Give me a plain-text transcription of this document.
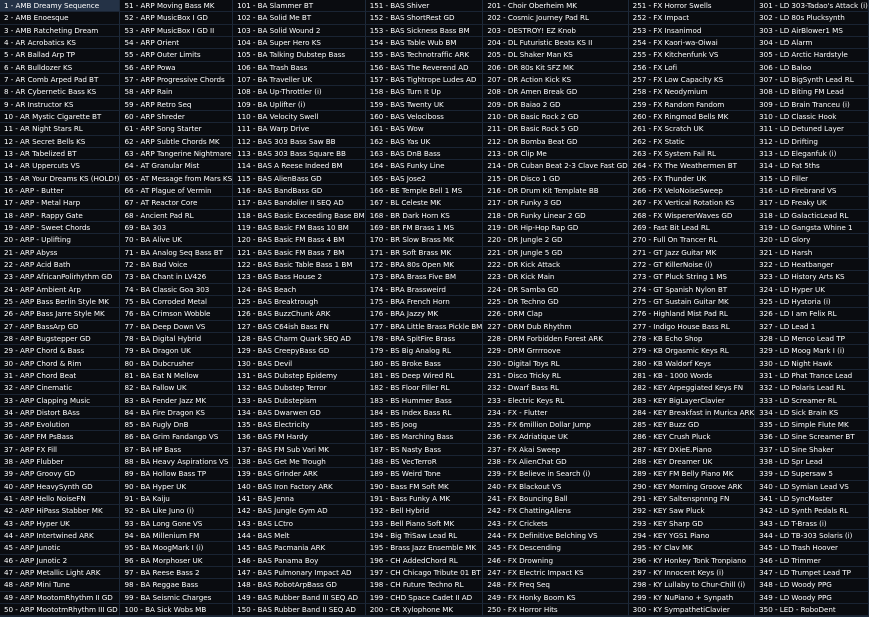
1 - AMB Dreamy Sequence
2 - AMB Enoesque
3 - AMB Ratcheting Dream
4 - AR Acrobatics KS
5 - AR Ballad Arp TP
6 - AR Bulldozer KS
7 - AR Comb Arped Pad BT
8 - AR Cybernetic Bass KS
9 - AR Instructor KS
10 - AR Mystic Cigarette BT
11 - AR Night Stars RL
12 - AR Secret Bells KS
13 - AR Tabelized BT
14 - AR Uppercuts VS
15 - AR Your Dreams KS (HOLD!)
16 - ARP - Butter
17 - ARP - Metal Harp
18 - ARP - Rappy Gate
19 - ARP - Sweet Chords
20 - ARP - Uplifting
21 - ARP Abyss
22 - ARP Acid Bath
23 - ARP AfricanPolirhythm GD
24 - ARP Ambient Arp
25 - ARP Bass Berlin Style MK
26 - ARP Bass Jarre Style MK
27 - ARP BassArp GD
28 - ARP Bugstepper GD
29 - ARP Chord & Bass
30 - ARP Chord & Rim
31 - ARP Chord Beat
32 - ARP Cinematic
33 - ARP Clapping Music
34 - ARP Distort BAss
35 - ARP Evolution
36 - ARP FM PsBass
37 - ARP FX Fill
38 - ARP Flubber
39 - ARP Groovy GD
40 - ARP HeavySynth GD
41 - ARP Hello NoiseFN
42 - ARP HiPass Stabber MK
43 - ARP Hyper UK
44 - ARP Intertwined ARK
45 - ARP Junotic
46 - ARP Junotic 2
47 - ARP Metallic Light ARK
48 - ARP Mini Tune
49 - ARP MootomRhythm II GD
50 - ARP MoototmRhythm III GD
51 - ARP Moving Bass MK
52 - ARP MusicBox I GD
53 - ARP MusicBox I GD II
54 - ARP Orient
55 - ARP Outer Limits
56 - ARP Powa
57 - ARP Progressive Chords
58 - ARP Rain
59 - ARP Retro Seq
60 - ARP Shreder
61 - ARP Song Starter
62 - ARP Subtle Chords MK
63 - ARP Tangerine Nightmare
64 - AT Granular Mist
65 - AT Message from Mars KS
66 - AT Plague of Vermin
67 - AT Reactor Core
68 - Ancient Pad RL
69 - BA 303
70 - BA Alive UK
71 - BA Analog Seq Bass BT
72 - BA Bad Voice
73 - BA Chant in LV426
74 - BA Classic Goa 303
75 - BA Corroded Metal
76 - BA Crimson Wobble
77 - BA Deep Down VS
78 - BA Digital Hybrid
79 - BA Dragon UK
80 - BA Dubcrusher
81 - BA Eat N Mellow
82 - BA Fallow UK
83 - BA Fender Jazz MK
84 - BA Fire Dragon KS
85 - BA Fugly DnB
86 - BA Grim Fandango VS
87 - BA HP Bass
88 - BA Heavy Aspirations VS
89 - BA Hollow Bass TP
90 - BA Hyper UK
91 - BA Kaiju
92 - BA Like Juno (i)
93 - BA Long Gone VS
94 - BA Millenium FM
95 - BA MoogMark I (i)
96 - BA Morphoser UK
97 - BA Reese Bass 2
98 - BA Reggae Bass
99 - BA Seismic Charges
100 - BA Sick Wobs MB
101 - BA Slammer BT
102 - BA Solid Me BT
103 - BA Solid Wound 2
104 - BA Super Hero KS
105 - BA Talking Dubstep Bass
106 - BA Trash Bass
107 - BA Traveller UK
108 - BA Up-Throttler (i)
109 - BA Uplifter (i)
110 - BA Velocity Swell
111 - BA Warp Drive
112 - BAS 303 Bass Saw BB
113 - BAS 303 Bass Square BB
114 - BAS A Reese Indeed BM
115 - BAS AlienBass GD
116 - BAS BandBass GD
117 - BAS Bandolier II SEQ AD
118 - BAS Basic Exceeding Base BM
119 - BAS Basic FM Bass 10 BM
120 - BAS Basic FM Bass 4 BM
121 - BAS Basic FM Bass 7 BM
122 - BAS Basic Table Bass 1 BM
123 - BAS Bass House 2
124 - BAS Beach
125 - BAS Breaktrough
126 - BAS BuzzChunk ARK
127 - BAS C64ish Bass FN
128 - BAS Charm Quark SEQ AD
129 - BAS CreepyBass GD
130 - BAS Devil
131 - BAS Dubstep Epidemy
132 - BAS Dubstep Terror
133 - BAS Dubstepism
134 - BAS Dwarwen GD
135 - BAS Electricity
136 - BAS FM Hardy
137 - BAS FM Sub Vari MK
138 - BAS Get Me Trough
139 - BAS Grinder ARK
140 - BAS Iron Factory ARK
141 - BAS Jenna
142 - BAS Jungle Gym AD
143 - BAS LCtro
144 - BAS Melt
145 - BAS Pacmania ARK
146 - BAS Panama Boy
147 - BAS Pulmonary Impact AD
148 - BAS RobotArpBass GD
149 - BAS Rubber Band III SEQ AD
150 - BAS Rubber Band II SEQ AD
151 - BAS Shiver
152 - BAS ShortRest GD
153 - BAS Sickness Bass BM
154 - BAS Table Wub BM
155 - BAS Technotraffic ARK
156 - BAS The Reverend AD
157 - BAS Tightrope Ludes AD
158 - BAS Turn It Up
159 - BAS Twenty UK
160 - BAS Velociboss
161 - BAS Wow
162 - BAS Yas UK
163 - BAS DnB Bass
164 - BAS Funky Line
165 - BAS Jose2
166 - BE Temple Bell 1 MS
167 - BL Celeste MK
168 - BR Dark Horn KS
169 - BR FM Brass 1 MS
170 - BR Slow Brass MK
171 - BR Soft Brass MK
172 - BRA 80s Open MK
173 - BRA Brass Five BM
174 - BRA Brassweird
175 - BRA French Horn
176 - BRA Jazzy MK
177 - BRA Little Brass Pickle BM
178 - BRA SpitFire Brass
179 - BS Big Analog RL
180 - BS Broke Bass
181 - BS Deep Wired RL
182 - BS Floor Filler RL
183 - BS Hummer Bass
184 - BS Index Bass RL
185 - BS Joog
186 - BS Marching Bass
187 - BS Nasty Bass
188 - BS VecTerroR
189 - BS Weird Tone
190 - Bass FM Soft MK
191 - Bass Funky A MK
192 - Bell Hybrid
193 - Bell Piano Soft MK
194 - Big TriSaw Lead RL
195 - Brass Jazz Ensemble MK
196 - CH AddedChord RL
197 - CH Chicago Tribute 01 BT
198 - CH Future Techno RL
199 - CHD Space Cadet II AD
200 - CR Xylophone MK
201 - Choir Oberheim MK
202 - Cosmic Journey Pad RL
203 - DESTROY! EZ Knob
204 - DL Futuristic Beats KS II
205 - DL Shaker Man KS
206 - DR 80s Kit SFZ MK
207 - DR Action Kick KS
208 - DR Amen Break GD
209 - DR Baiao 2 GD
210 - DR Basic Rock 2 GD
211 - DR Basic Rock 5 GD
212 - DR Bomba Beat GD
213 - DR Clip Me
214 - DR Cuban Beat 2-3 Clave Fast GD
215 - DR Disco 1 GD
216 - DR Drum Kit Template BB
217 - DR Funky 3 GD
218 - DR Funky Linear 2 GD
219 - DR Hip-Hop Rap GD
220 - DR Jungle 2 GD
221 - DR Jungle 5 GD
222 - DR Kick Attack
223 - DR Kick Main
224 - DR Samba GD
225 - DR Techno GD
226 - DRM Clap
227 - DRM Dub Rhythm
228 - DRM Forbidden Forest ARK
229 - DRM Grrrroove
230 - Digital Toys RL
231 - Disco Tricky RL
232 - Dwarf Bass RL
233 - Electric Keys RL
234 - FX - Flutter
235 - FX 6million Dollar Jump
236 - FX Adriatique UK
237 - FX Akai Sweep
238 - FX AlienChat GD
239 - FX Believe in Search (i)
240 - FX Blackout VS
241 - FX Bouncing Ball
242 - FX ChattingAliens
243 - FX Crickets
244 - FX Definitive Belching VS
245 - FX Descending
246 - FX Drowning
247 - FX Electric Impact KS
248 - FX Freq Seq
249 - FX Honky Boom KS
250 - FX Horror Hits
251 - FX Horror Swells
252 - FX Impact
253 - FX Insanimod
254 - FX Kaori-wa-Oiwai
255 - FX Kitchenfunk VS
256 - FX Lofi
257 - FX Low Capacity KS
258 - FX Neodymium
259 - FX Random Fandom
260 - FX Ringmod Bells MK
261 - FX Scratch UK
262 - FX Static
263 - FX System Fail RL
264 - FX The Weathermen BT
265 - FX Thunder UK
266 - FX VeloNoiseSweep
267 - FX Vertical Rotation KS
268 - FX WispererWaves GD
269 - Fast Bit Lead RL
270 - Full On Trancer RL
271 - GT Jazz Guitar MK
272 - GT KillerNoise (i)
273 - GT Pluck String 1 MS
274 - GT Spanish Nylon BT
275 - GT Sustain Guitar MK
276 - Highland Mist Pad RL
277 - Indigo House Bass RL
278 - KB Echo Shop
279 - KB Orgasmic Keys RL
280 - KB Waldorf Keys
281 - KB - 1000 Words
282 - KEY Arpeggiated Keys FN
283 - KEY BigLayerClavier
284 - KEY Breakfast in Murica ARK
285 - KEY Buzz GD
286 - KEY Crush Pluck
287 - KEY DXieE.Piano
288 - KEY Dreamer UK
289 - KEY FM Belly Piano MK
290 - KEY Morning Groove ARK
291 - KEY Saltenspnnng FN
292 - KEY Saw Pluck
293 - KEY Sharp GD
294 - KEY YGS1 Piano
295 - KY Clav MK
296 - KY Honkey Tonk Tronpiano
297 - KY Innocent Keys (i)
298 - KY Lullaby to Chur-Chill (i)
299 - KY NuPiano + Synpath
300 - KY SympathetiClavier
301 - LD 303-Tadao's Attack (i)
302 - LD 80s Plucksynth
303 - LD AirBlower1 MS
304 - LD Alarm
305 - LD Arctic Hardstyle
306 - LD Baloo
307 - LD BigSynth Lead RL
308 - LD Biting FM Lead
309 - LD Brain Tranceu (i)
310 - LD Classic Hook
311 - LD Detuned Layer
312 - LD Drifting
313 - LD Eleganfuk (i)
314 - LD Fat 5ths
315 - LD Filler
316 - LD Firebrand VS
317 - LD Freaky UK
318 - LD GalacticLead RL
319 - LD Gangsta Whine 1
320 - LD Glory
321 - LD Harsh
322 - LD Heatbanger
323 - LD History Arts KS
324 - LD Hyper UK
325 - LD Hystoria (i)
326 - LD I am Felix RL
327 - LD Lead 1
328 - LD Menco Lead TP
329 - LD Moog Mark I (i)
330 - LD Night Hawk
331 - LD Phat Trance Lead
332 - LD Polaris Lead RL
333 - LD Screamer RL
334 - LD Sick Brain KS
335 - LD Simple Flute MK
336 - LD Sine Screamer BT
337 - LD Sine Shaker
338 - LD Spr Lead
339 - LD Supersaw 5
340 - LD Symian Lead VS
341 - LD SyncMaster
342 - LD Synth Pedals RL
343 - LD T-Brass (i)
344 - LD TB-303 Solaris (i)
345 - LD Trash Hoover
346 - LD Trimmer
347 - LD Trumpet Lead TP
348 - LD Woody PPG
349 - LD Woody PPG
350 - LED - RoboDent
